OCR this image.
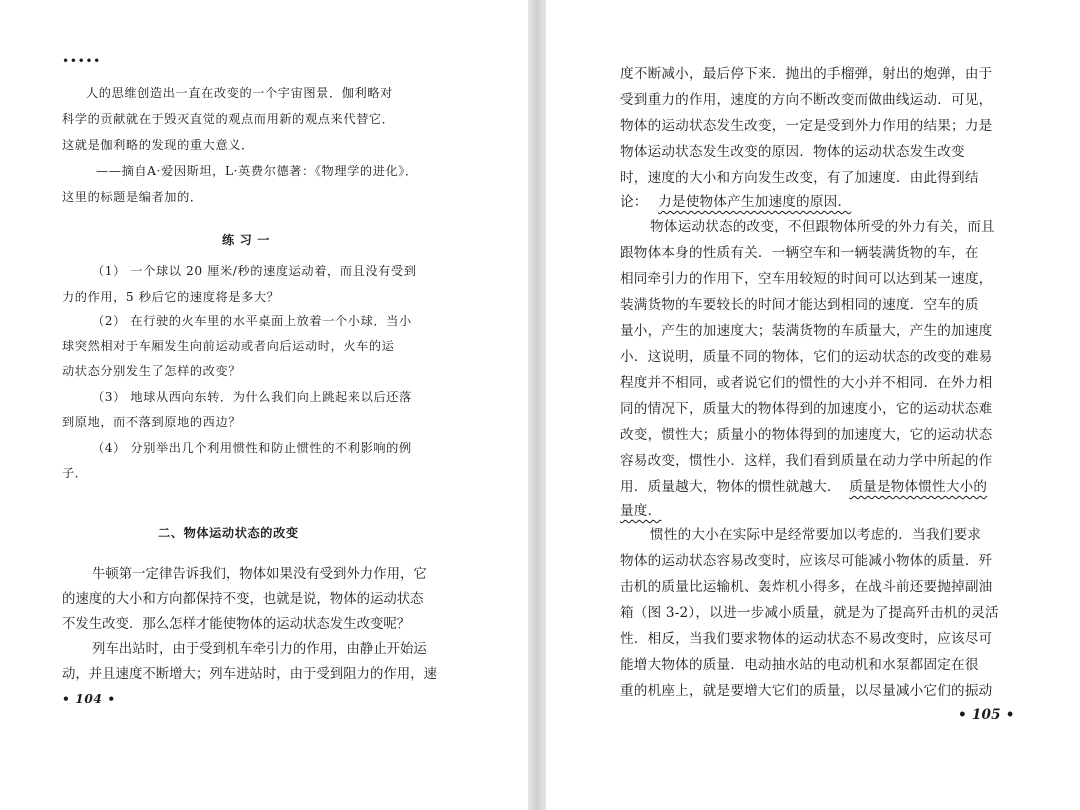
•••••
人的思维创造出一直在改变的一个宇宙图景．伽利略对
科学的贡献就在于毁灭直觉的观点而用新的观点来代替它．
这就是伽利略的发现的重大意义．
——摘自A·爱因斯坦，L·英费尔德著：《物理学的进化》．
这里的标题是编者加的．
练 习 一
（1） 一个球以 20 厘米/秒的速度运动着，而且没有受到
力的作用，5 秒后它的速度将是多大？
（2） 在行驶的火车里的水平桌面上放着一个小球．当小
球突然相对于车厢发生向前运动或者向后运动时，火车的运
动状态分别发生了怎样的改变？
（3） 地球从西向东转．为什么我们向上跳起来以后还落
到原地，而不落到原地的西边？
（4） 分别举出几个利用惯性和防止惯性的不利影响的例
子．
二、物体运动状态的改变
牛顿第一定律告诉我们，物体如果没有受到外力作用，它
的速度的大小和方向都保持不变，也就是说，物体的运动状态
不发生改变．那么怎样才能使物体的运动状态发生改变呢？
列车出站时，由于受到机车牵引力的作用，由静止开始运
动，并且速度不断增大；列车进站时，由于受到阻力的作用，速
• 104 •
度不断减小，最后停下来．抛出的手榴弹，射出的炮弹，由于
受到重力的作用，速度的方向不断改变而做曲线运动．可见，
物体的运动状态发生改变，一定是受到外力作用的结果；力是
物体运动状态发生改变的原因．物体的运动状态发生改变
时，速度的大小和方向发生改变，有了加速度．由此得到结
论： 力是使物体产生加速度的原因．
物体运动状态的改变，不但跟物体所受的外力有关，而且
跟物体本身的性质有关．一辆空车和一辆装满货物的车，在
相同牵引力的作用下，空车用较短的时间可以达到某一速度，
装满货物的车要较长的时间才能达到相同的速度．空车的质
量小，产生的加速度大；装满货物的车质量大，产生的加速度
小．这说明，质量不同的物体，它们的运动状态的改变的难易
程度并不相同，或者说它们的惯性的大小并不相同．在外力相
同的情况下，质量大的物体得到的加速度小，它的运动状态难
改变，惯性大；质量小的物体得到的加速度大，它的运动状态
容易改变，惯性小．这样，我们看到质量在动力学中所起的作
用．质量越大，物体的惯性就越大． 质量是物体惯性大小的
量度．
惯性的大小在实际中是经常要加以考虑的．当我们要求
物体的运动状态容易改变时，应该尽可能减小物体的质量．歼
击机的质量比运输机、轰炸机小得多，在战斗前还要抛掉副油
箱（图 3-2），以进一步减小质量，就是为了提高歼击机的灵活
性．相反，当我们要求物体的运动状态不易改变时，应该尽可
能增大物体的质量．电动抽水站的电动机和水泵都固定在很
重的机座上，就是要增大它们的质量，以尽量减小它们的振动
• 105 •
